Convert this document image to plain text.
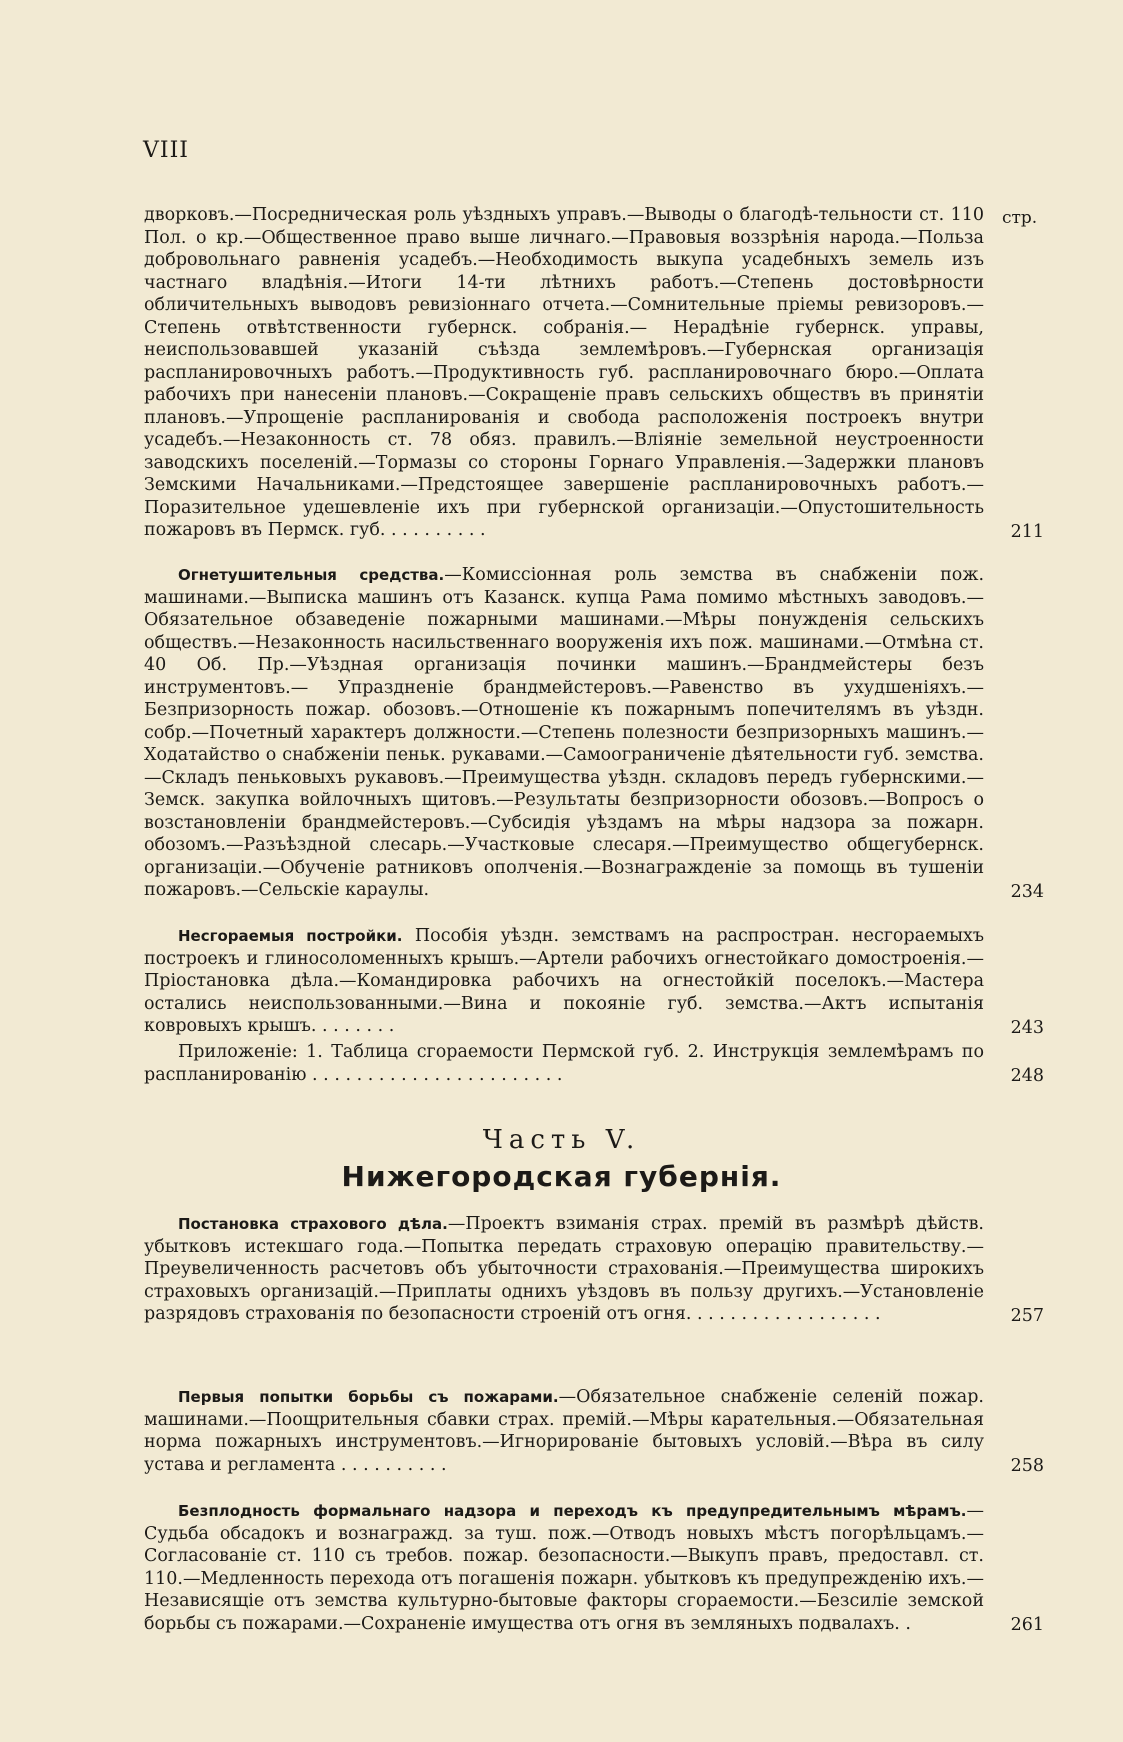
VIII
стр.

дворковъ.—Посредническая роль уѣздныхъ управъ.—Выводы о благодѣ-тельности ст. 110 Пол. о кр.—Общественное право выше личнаго.—Правовыя воззрѣнія народа.—Польза добровольнаго равненія усадебъ.—Необходимость выкупа усадебныхъ земель изъ частнаго владѣнія.—Итоги 14-ти лѣтнихъ работъ.—Степень достовѣрности обличительныхъ выводовъ ревизіоннаго отчета.—Сомнительные пріемы ревизоровъ.—Степень отвѣтственности губернск. собранія.— Нерадѣніе губернск. управы, неиспользовавшей указаній съѣзда землемѣровъ.—Губернская организація распланировочныхъ работъ.—Продуктивность губ. распланировочнаго бюро.—Оплата рабочихъ при нанесеніи плановъ.—Сокращеніе правъ сельскихъ обществъ въ принятіи плановъ.—Упрощеніе распланированія и свобода расположенія построекъ внутри усадебъ.—Незаконность ст. 78 обяз. правилъ.—Вліяніе земельной неустроенности заводскихъ поселеній.—Тормазы со стороны Горнаго Управленія.—Задержки плановъ Земскими Начальниками.—Предстоящее завершеніе распланировочныхъ работъ.—Поразительное удешевленіе ихъ при губернской организаціи.—Опустошительность пожаровъ въ Пермск. губ. . . . . . . . . .	211

Огнетушительныя средства.—Комиссіонная роль земства въ снабженіи пож. машинами.—Выписка машинъ отъ Казанск. купца Рама помимо мѣстныхъ заводовъ.—Обязательное обзаведеніе пожарными машинами.—Мѣры понужденія сельскихъ обществъ.—Незаконность насильственнаго вооруженія ихъ пож. машинами.—Отмѣна ст. 40 Об. Пр.—Уѣздная организація починки машинъ.—Брандмейстеры безъ инструментовъ.— Упраздненіе брандмейстеровъ.—Равенство въ ухудшеніяхъ.—Безпризорность пожар. обозовъ.—Отношеніе къ пожарнымъ попечителямъ въ уѣздн. собр.—Почетный характеръ должности.—Степень полезности безпризорныхъ машинъ.—Ходатайство о снабженіи пеньк. рукавами.—Самоограниченіе дѣятельности губ. земства.—Складъ пеньковыхъ рукавовъ.—Преимущества уѣздн. складовъ передъ губернскими.—Земск. закупка войлочныхъ щитовъ.—Результаты безпризорности обозовъ.—Вопросъ о возстановленіи брандмейстеровъ.—Субсидія уѣздамъ на мѣры надзора за пожарн. обозомъ.—Разъѣздной слесарь.—Участковые слесаря.—Преимущество общегубернск. организаціи.—Обученіе ратниковъ ополченія.—Вознагражденіе за помощь въ тушеніи пожаровъ.—Сельскіе караулы.	234

Несгораемыя постройки. Пособія уѣздн. земствамъ на распростран. несгораемыхъ построекъ и глиносоломенныхъ крышъ.—Артели рабочихъ огнестойкаго домостроенія.—Пріостановка дѣла.—Командировка рабочихъ на огнестойкій поселокъ.—Мастера остались неиспользованными.—Вина и покояніе губ. земства.—Актъ испытанія ковровыхъ крышъ. . . . . . . .	243

Приложеніе: 1. Таблица сгораемости Пермской губ. 2. Инструкція землемѣрамъ по распланированію . . . . . . . . . . . . . . . . . . . . . . .	248
Часть V.
Нижегородская губернія.

Постановка страхового дѣла.—Проектъ взиманія страх. премій въ размѣрѣ дѣйств. убытковъ истекшаго года.—Попытка передать страховую операцію правительству.—Преувеличенность расчетовъ объ убыточности страхованія.—Преимущества широкихъ страховыхъ организацій.—Приплаты однихъ уѣздовъ въ пользу другихъ.—Установленіе разрядовъ страхованія по безопасности строеній отъ огня. . . . . . . . . . . . . . . . . .	257

Первыя попытки борьбы съ пожарами.—Обязательное снабженіе селеній пожар. машинами.—Поощрительныя сбавки страх. премій.—Мѣры карательныя.—Обязательная норма пожарныхъ инструментовъ.—Игнорированіе бытовыхъ условій.—Вѣра въ силу устава и регламента . . . . . . . . . .	258

Безплодность формальнаго надзора и переходъ къ предупредительнымъ мѣрамъ.—Судьба обсадокъ и вознагражд. за туш. пож.—Отводъ новыхъ мѣстъ погорѣльцамъ.— Согласованіе ст. 110 съ требов. пожар. безопасности.—Выкупъ правъ, предоставл. ст. 110.—Медленность перехода отъ погашенія пожарн. убытковъ къ предупрежденію ихъ.— Независящіе отъ земства культурно-бытовые факторы сгораемости.—Безсиліе земской борьбы съ пожарами.—Сохраненіе имущества отъ огня въ земляныхъ подвалахъ. .	261
